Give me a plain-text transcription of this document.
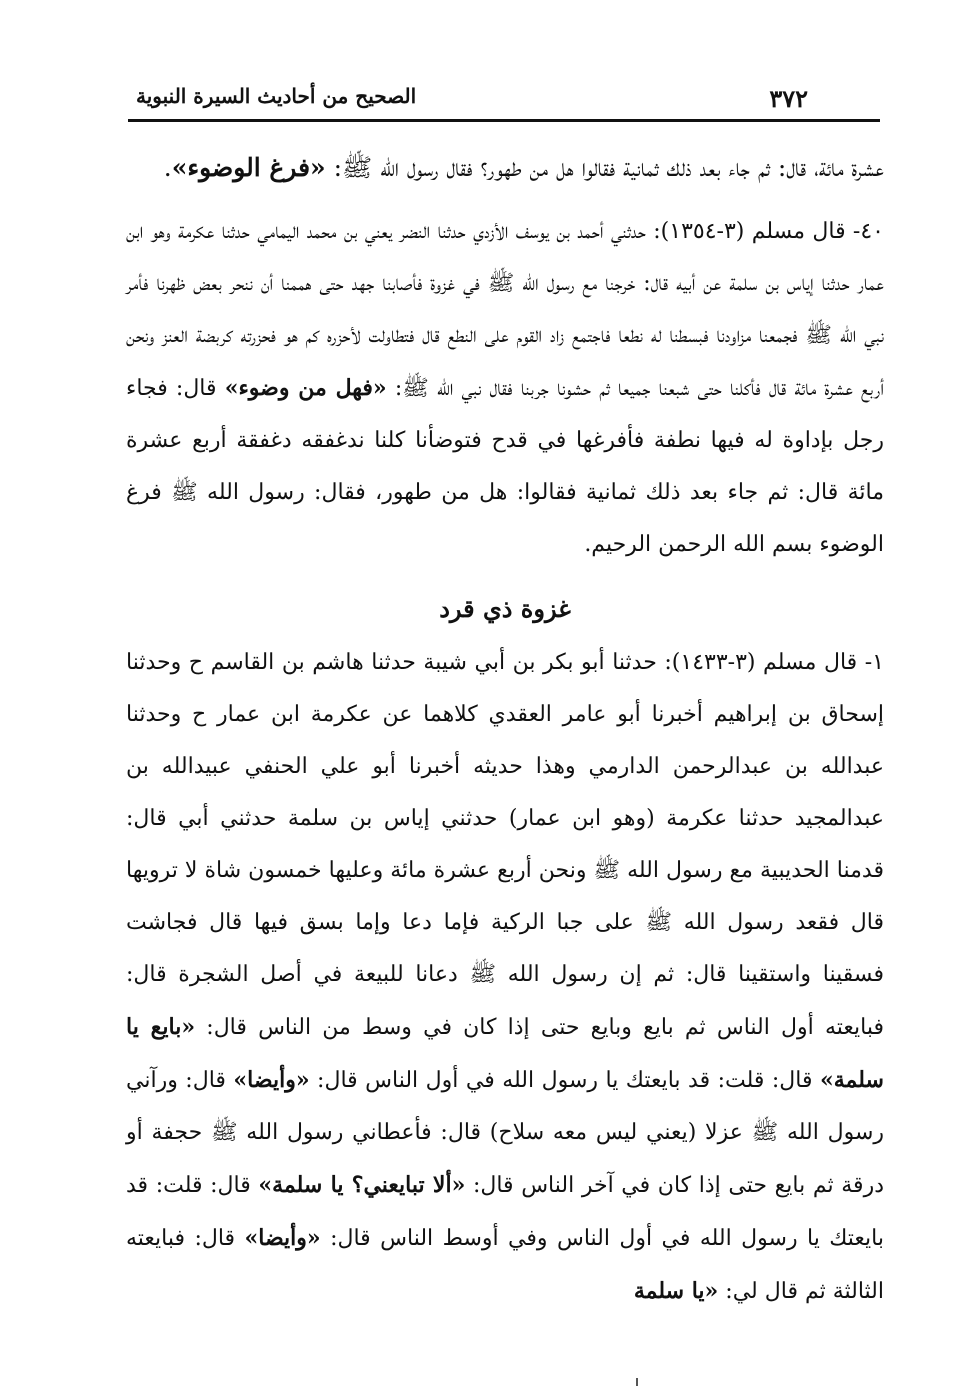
٣٧٢
الصحيح من أحاديث السيرة النبوية

عشرة مائة، قال: ثم جاء بعد ذلك ثمانية فقالوا هل من طهور؟ فقال رسول الله ﷺ: «فرغ الوضوء».

٤٠- قال مسلم (٣-١٣٥٤): حدثني أحمد بن يوسف الأزدي حدثنا النضر يعني بن محمد اليمامي حدثنا عكرمة وهو ابن عمار حدثنا إياس بن سلمة عن أبيه قال: خرجنا مع رسول الله ﷺ في غزوة فأصابنا جهد حتى هممنا أن ننحر بعض ظهرنا فأمر نبي الله ﷺ فجمعنا مزاودنا فبسطنا له نطعا فاجتمع زاد القوم على النطع قال فتطاولت لأحزره كم هو فحزرته كربضة العنز ونحن أربع عشرة مائة قال فأكلنا حتى شبعنا جميعا ثم حشونا جربنا فقال نبي الله ﷺ: «فهل من وضوء» قال: فجاء رجل بإداوة له فيها نطفة فأفرغها في قدح فتوضأنا كلنا ندغفقه دغفقة أربع عشرة مائة قال: ثم جاء بعد ذلك ثمانية فقالوا: هل من طهور، فقال: رسول الله ﷺ فرغ الوضوء بسم الله الرحمن الرحيم.

غزوة ذي قرد

١- قال مسلم (٣-١٤٣٣): حدثنا أبو بكر بن أبي شيبة حدثنا هاشم بن القاسم ح وحدثنا إسحاق بن إبراهيم أخبرنا أبو عامر العقدي كلاهما عن عكرمة ابن عمار ح وحدثنا عبدالله بن عبدالرحمن الدارمي وهذا حديثه أخبرنا أبو علي الحنفي عبيدالله بن عبدالمجيد حدثنا عكرمة (وهو ابن عمار) حدثني إياس بن سلمة حدثني أبي قال: قدمنا الحديبية مع رسول الله ﷺ ونحن أربع عشرة مائة وعليها خمسون شاة لا ترويها قال فقعد رسول الله ﷺ على جبا الركية فإما دعا وإما بسق فيها قال فجاشت فسقينا واستقينا قال: ثم إن رسول الله ﷺ دعانا للبيعة في أصل الشجرة قال: فبايعته أول الناس ثم بايع وبايع حتى إذا كان في وسط من الناس قال: «بايع يا سلمة» قال: قلت: قد بايعتك يا رسول الله في أول الناس قال: «وأيضا» قال: ورآني رسول الله ﷺ عزلا (يعني ليس معه سلاح) قال: فأعطاني رسول الله ﷺ حجفة أو درقة ثم بايع حتى إذا كان في آخر الناس قال: «ألا تبايعني؟ يا سلمة» قال: قلت: قد بايعتك يا رسول الله في أول الناس وفي أوسط الناس قال: «وأيضا» قال: فبايعته الثالثة ثم قال لي: «يا سلمة
